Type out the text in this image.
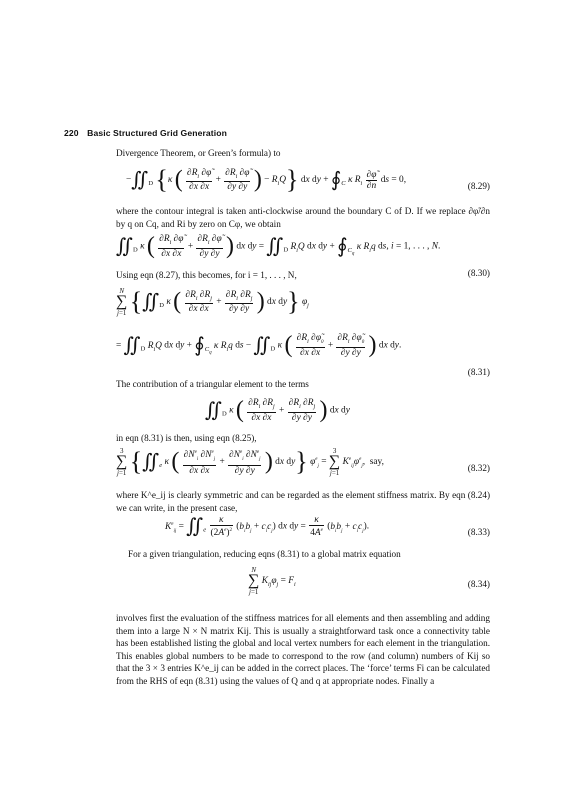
220 Basic Structured Grid Generation
Divergence Theorem, or Green’s formula) to
$-∬_D$ {κ ( $\frac{\partial R_i \partial\varphĩ}{\partial x \partial x} + \frac{\partial R_i \partial\varphĩ}{\partial y \partial y}$ ) − $R_iQ$} dx dy + $∮_C$ κ $R_i \frac{\partial\varphĩ}{\partial n}$ ds = 0,
(8.29)
where the contour integral is taken anti-clockwise around the boundary C of D. If we replace ∂φ̃/∂n by q on Cq, and Ri by zero on Cφ, we obtain
$∬_D$ κ ( $\frac{\partial R_i \partial\varphĩ}{\partial x \partial x} + \frac{\partial R_i \partial\varphĩ}{\partial y \partial y}$ ) dx dy = $∬_D$ $R_iQ$ dx dy + $∮_{C_q}$ κ $R_iq$ ds, i = 1, . . . , N.
(8.30)
Using eqn (8.27), this becomes, for i = 1, . . . , N,
N
∑
j=1 {$∬_D$ κ ( $\frac{\partial R_i \partial R_j}{\partial x \partial x} + \frac{\partial R_i \partial R_j}{\partial y \partial y}$ ) dx dy} $\varphi_j$
= $∬_D$ $R_iQ$ dx dy + $∮_{C_q}$ κ $R_iq$ ds − $∬_D$ κ ( $\frac{\partial R_i \partial\varphĩ_0}{\partial x \partial x} + \frac{\partial R_i \partial\varphĩ_0}{\partial y \partial y}$ ) dx dy.
(8.31)
The contribution of a triangular element to the terms
$∬_D$ κ ( $\frac{\partial R_i \partial R_j}{\partial x \partial x} + \frac{\partial R_i \partial R_j}{\partial y \partial y}$ ) dx dy
in eqn (8.31) is then, using eqn (8.25),
3
∑
j=1 {$∬_e$ κ ( $\frac{\partial N^e_i \partial N^e_j}{\partial x \partial x} + \frac{\partial N^e_i \partial N^e_j}{\partial y \partial y}$ ) dx dy} $\varphi^e_j = 3$
∑
j=1 $K^e_{ij}\varphi^e_j$,  say,
(8.32)
where K^e_ij is clearly symmetric and can be regarded as the element stiffness matrix. By eqn (8.24) we can write, in the present case,
$K^e_{ij}$ = $∬_e \frac{\kappa}{(2A^e)^2} (b_ib_j + c_ic_j)$ dx dy = $\frac{\kappa}{4A^e} (b_ib_j + c_ic_j)$.
(8.33)
For a given triangulation, reducing eqns (8.31) to a global matrix equation
N
∑
j=1 $K_{ij}\varphi_j = F_i$	(8.34)
involves first the evaluation of the stiffness matrices for all elements and then assembling and adding them into a large N × N matrix Kij. This is usually a straightforward task once a connectivity table has been established listing the global and local vertex numbers for each element in the triangulation. This enables global numbers to be made to correspond to the row (and column) numbers of Kij so that the 3 × 3 entries K^e_ij can be added in the correct places. The ‘force’ terms Fi can be calculated from the RHS of eqn (8.31) using the values of Q and q at appropriate nodes. Finally a
